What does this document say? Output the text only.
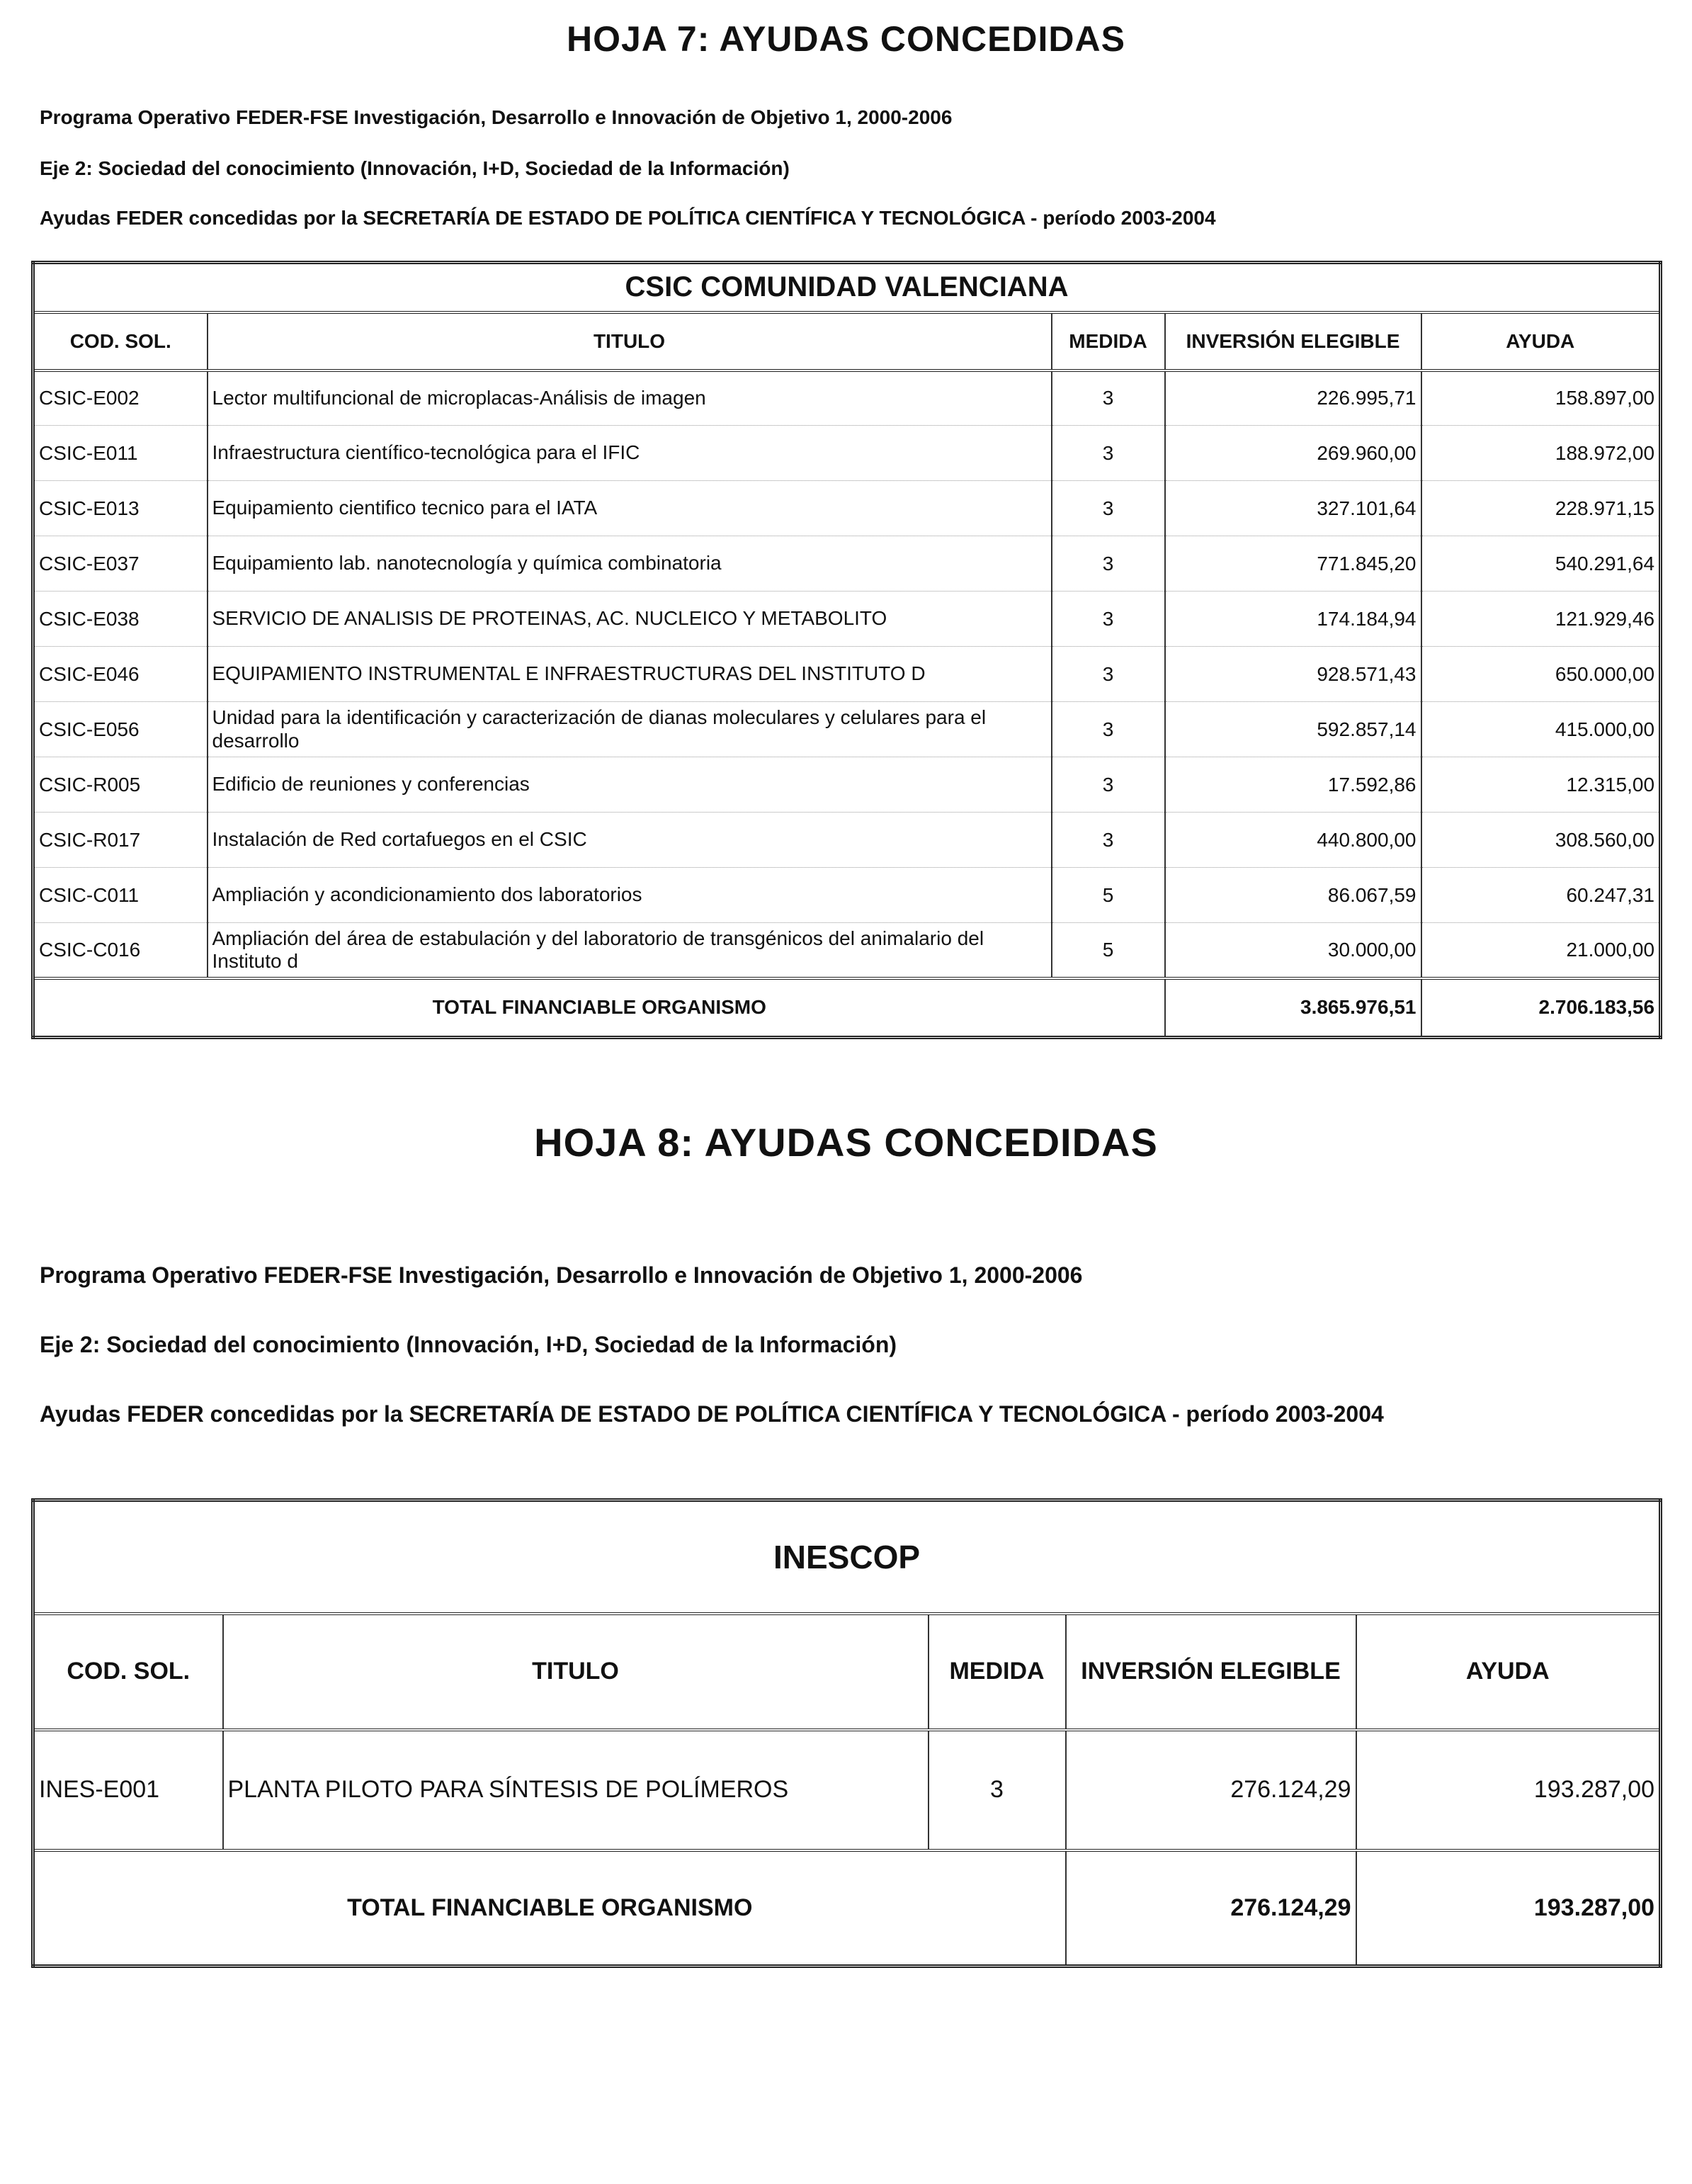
HOJA 7: AYUDAS CONCEDIDAS
Programa Operativo FEDER-FSE Investigación, Desarrollo e Innovación de Objetivo 1, 2000-2006
Eje 2: Sociedad del conocimiento (Innovación, I+D, Sociedad de la Información)
Ayudas FEDER concedidas por la SECRETARÍA DE ESTADO DE POLÍTICA CIENTÍFICA Y TECNOLÓGICA - período 2003-2004
CSIC COMUNIDAD VALENCIANA				
COD. SOL.	TITULO	MEDIDA	INVERSIÓN ELEGIBLE	AYUDA
CSIC-E002	Lector multifuncional de microplacas-Análisis de imagen	3	226.995,71	158.897,00
CSIC-E011	Infraestructura científico-tecnológica para el IFIC	3	269.960,00	188.972,00
CSIC-E013	Equipamiento cientifico tecnico para el IATA	3	327.101,64	228.971,15
CSIC-E037	Equipamiento lab. nanotecnología y química combinatoria	3	771.845,20	540.291,64
CSIC-E038	SERVICIO DE ANALISIS DE PROTEINAS, AC. NUCLEICO Y METABOLITO	3	174.184,94	121.929,46
CSIC-E046	EQUIPAMIENTO INSTRUMENTAL E INFRAESTRUCTURAS DEL INSTITUTO D	3	928.571,43	650.000,00
CSIC-E056	Unidad para la identificación y caracterización de dianas moleculares y celulares para el desarrollo	3	592.857,14	415.000,00
CSIC-R005	Edificio de reuniones y conferencias	3	17.592,86	12.315,00
CSIC-R017	Instalación de Red cortafuegos en el CSIC	3	440.800,00	308.560,00
CSIC-C011	Ampliación y acondicionamiento dos laboratorios	5	86.067,59	60.247,31
CSIC-C016	Ampliación del área de estabulación y del laboratorio de transgénicos del animalario del Instituto d	5	30.000,00	21.000,00
TOTAL FINANCIABLE ORGANISMO			3.865.976,51	2.706.183,56
HOJA 8: AYUDAS CONCEDIDAS
Programa Operativo FEDER-FSE Investigación, Desarrollo e Innovación de Objetivo 1, 2000-2006
Eje 2: Sociedad del conocimiento (Innovación, I+D, Sociedad de la Información)
Ayudas FEDER concedidas por la SECRETARÍA DE ESTADO DE POLÍTICA CIENTÍFICA Y TECNOLÓGICA - período 2003-2004
INESCOP				
COD. SOL.	TITULO	MEDIDA	INVERSIÓN ELEGIBLE	AYUDA
INES-E001	PLANTA PILOTO PARA SÍNTESIS DE POLÍMEROS	3	276.124,29	193.287,00
TOTAL FINANCIABLE ORGANISMO			276.124,29	193.287,00
